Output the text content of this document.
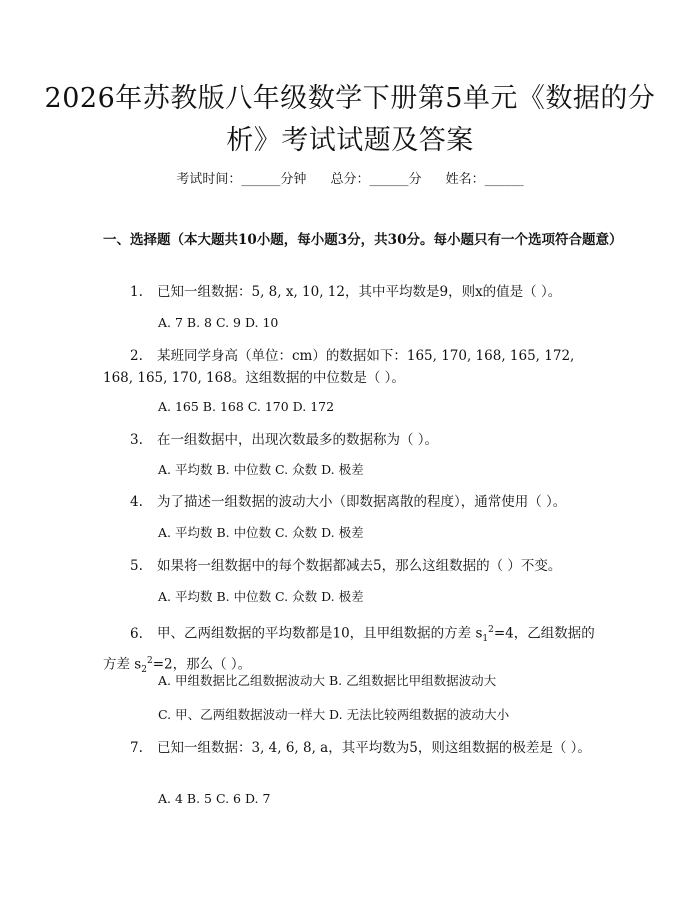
2026年苏教版八年级数学下册第5单元《数据的分析》考试试题及答案
考试时间：______分钟 总分：______分 姓名：______
一、选择题（本大题共10小题，每小题3分，共30分。每小题只有一个选项符合题意）
1. 已知一组数据：5, 8, x, 10, 12，其中平均数是9，则x的值是（ ）。
A. 7 B. 8 C. 9 D. 10
2. 某班同学身高（单位：cm）的数据如下：165, 170, 168, 165, 172, 168, 165, 170, 168。这组数据的中位数是（ ）。
A. 165 B. 168 C. 170 D. 172
3. 在一组数据中，出现次数最多的数据称为（ ）。
A. 平均数 B. 中位数 C. 众数 D. 极差
4. 为了描述一组数据的波动大小（即数据离散的程度），通常使用（ ）。
A. 平均数 B. 中位数 C. 众数 D. 极差
5. 如果将一组数据中的每个数据都减去5，那么这组数据的（ ）不变。
A. 平均数 B. 中位数 C. 众数 D. 极差
6. 甲、乙两组数据的平均数都是10，且甲组数据的方差 $s_1^2=4$，乙组数据的方差 $s_2^2=2$，那么（ ）。
A. 甲组数据比乙组数据波动大 B. 乙组数据比甲组数据波动大
C. 甲、乙两组数据波动一样大 D. 无法比较两组数据的波动大小
7. 已知一组数据：3, 4, 6, 8, a，其平均数为5，则这组数据的极差是（ ）。
A. 4 B. 5 C. 6 D. 7
